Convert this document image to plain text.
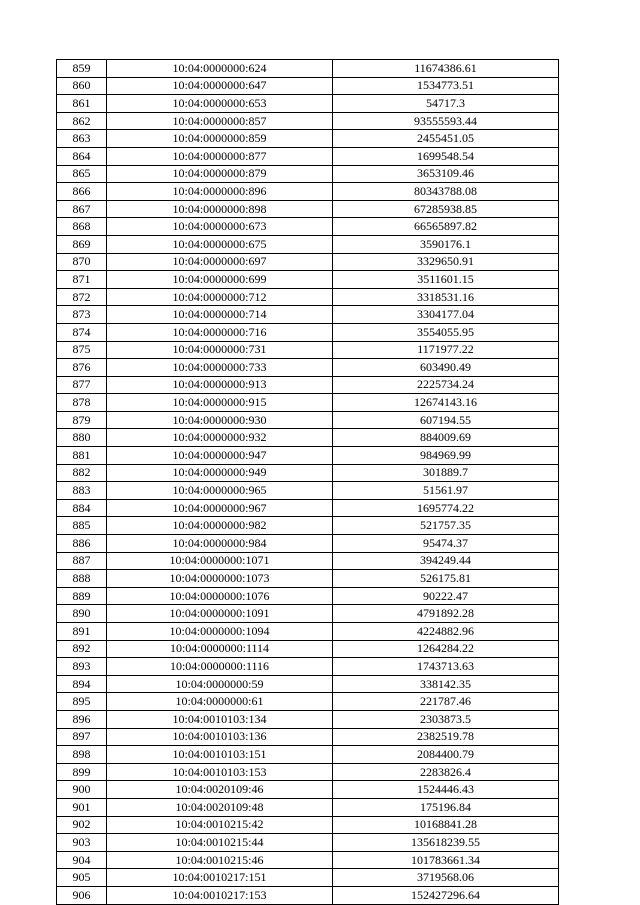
859	10:04:0000000:624	11674386.61
860	10:04:0000000:647	1534773.51
861	10:04:0000000:653	54717.3
862	10:04:0000000:857	93555593.44
863	10:04:0000000:859	2455451.05
864	10:04:0000000:877	1699548.54
865	10:04:0000000:879	3653109.46
866	10:04:0000000:896	80343788.08
867	10:04:0000000:898	67285938.85
868	10:04:0000000:673	66565897.82
869	10:04:0000000:675	3590176.1
870	10:04:0000000:697	3329650.91
871	10:04:0000000:699	3511601.15
872	10:04:0000000:712	3318531.16
873	10:04:0000000:714	3304177.04
874	10:04:0000000:716	3554055.95
875	10:04:0000000:731	1171977.22
876	10:04:0000000:733	603490.49
877	10:04:0000000:913	2225734.24
878	10:04:0000000:915	12674143.16
879	10:04:0000000:930	607194.55
880	10:04:0000000:932	884009.69
881	10:04:0000000:947	984969.99
882	10:04:0000000:949	301889.7
883	10:04:0000000:965	51561.97
884	10:04:0000000:967	1695774.22
885	10:04:0000000:982	521757.35
886	10:04:0000000:984	95474.37
887	10:04:0000000:1071	394249.44
888	10:04:0000000:1073	526175.81
889	10:04:0000000:1076	90222.47
890	10:04:0000000:1091	4791892.28
891	10:04:0000000:1094	4224882.96
892	10:04:0000000:1114	1264284.22
893	10:04:0000000:1116	1743713.63
894	10:04:0000000:59	338142.35
895	10:04:0000000:61	221787.46
896	10:04:0010103:134	2303873.5
897	10:04:0010103:136	2382519.78
898	10:04:0010103:151	2084400.79
899	10:04:0010103:153	2283826.4
900	10:04:0020109:46	1524446.43
901	10:04:0020109:48	175196.84
902	10:04:0010215:42	10168841.28
903	10:04:0010215:44	135618239.55
904	10:04:0010215:46	101783661.34
905	10:04:0010217:151	3719568.06
906	10:04:0010217:153	152427296.64
